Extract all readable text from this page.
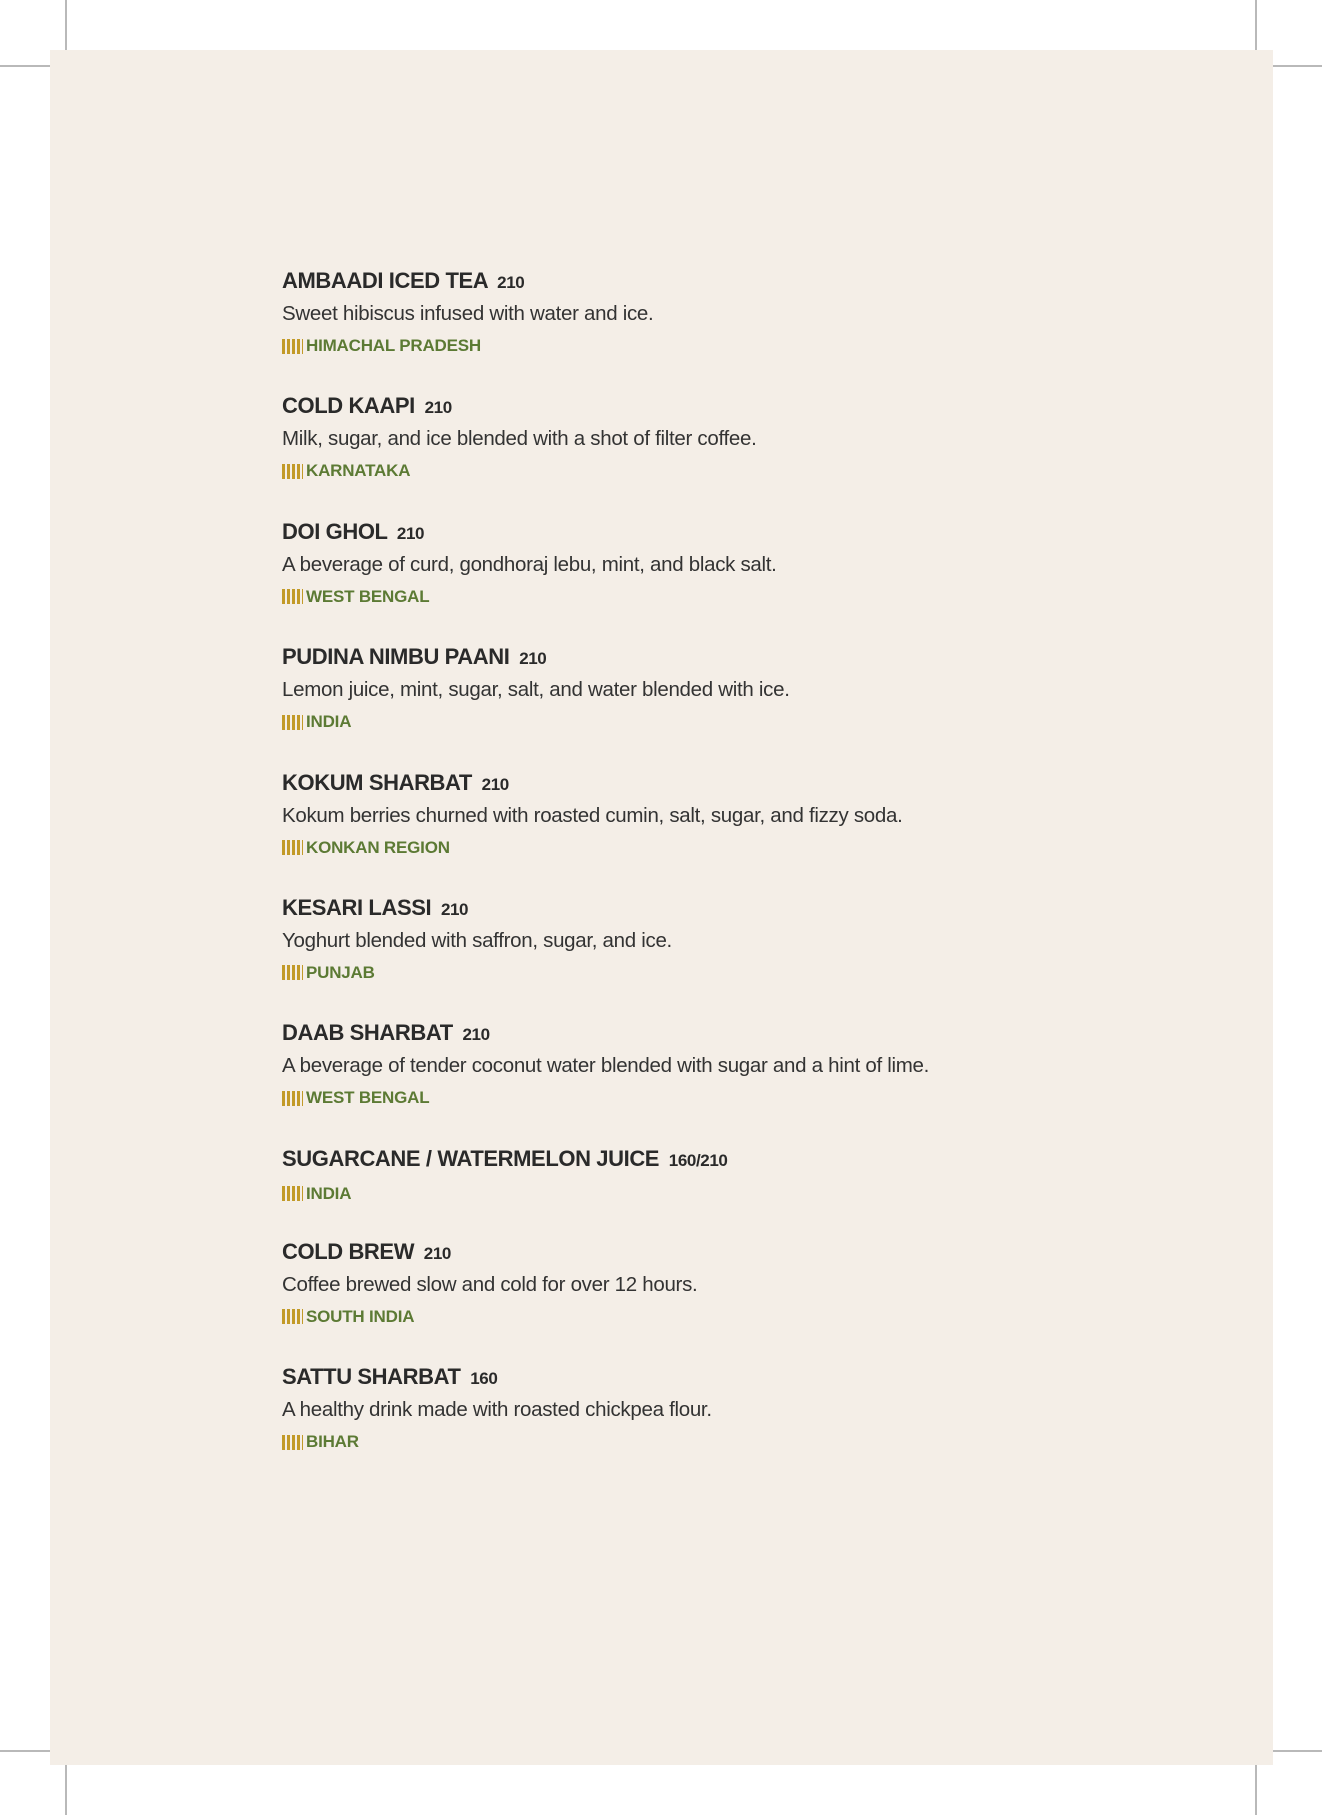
AMBAADI ICED TEA 210
Sweet hibiscus infused with water and ice.
HIMACHAL PRADESH
COLD KAAPI 210
Milk, sugar, and ice blended with a shot of filter coffee.
KARNATAKA
DOI GHOL 210
A beverage of curd, gondhoraj lebu, mint, and black salt.
WEST BENGAL
PUDINA NIMBU PAANI 210
Lemon juice, mint, sugar, salt, and water blended with ice.
INDIA
KOKUM SHARBAT 210
Kokum berries churned with roasted cumin, salt, sugar, and fizzy soda.
KONKAN REGION
KESARI LASSI 210
Yoghurt blended with saffron, sugar, and ice.
PUNJAB
DAAB SHARBAT 210
A beverage of tender coconut water blended with sugar and a hint of lime.
WEST BENGAL
SUGARCANE / WATERMELON JUICE 160/210
INDIA
COLD BREW 210
Coffee brewed slow and cold for over 12 hours.
SOUTH INDIA
SATTU SHARBAT 160
A healthy drink made with roasted chickpea flour.
BIHAR
